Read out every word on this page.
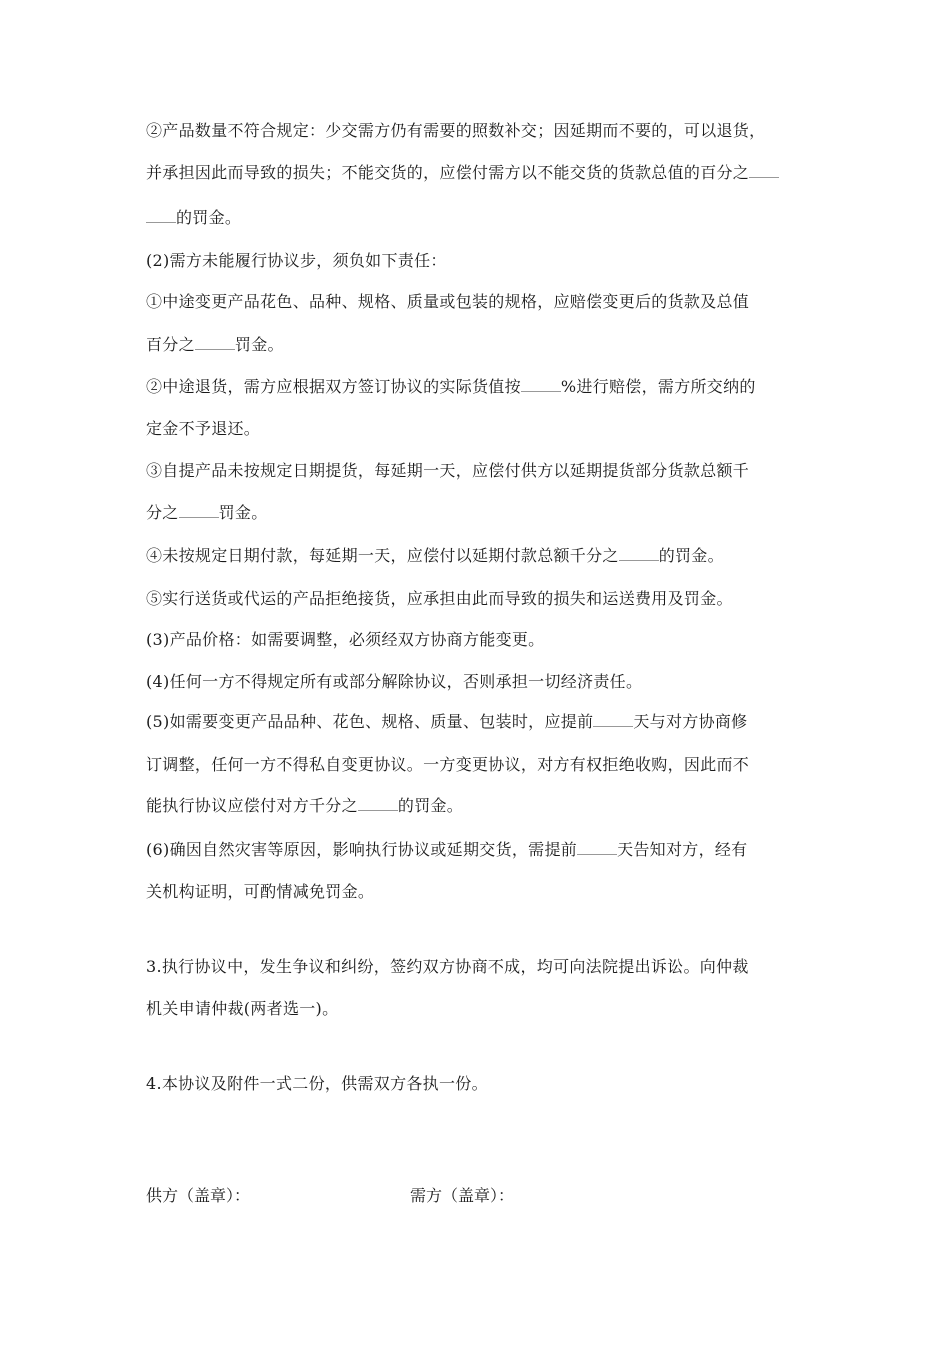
②产品数量不符合规定：少交需方仍有需要的照数补交；因延期而不要的，可以退货，
并承担因此而导致的损失；不能交货的，应偿付需方以不能交货的货款总值的百分之
的罚金。
(2)需方未能履行协议步，须负如下责任：
①中途变更产品花色、品种、规格、质量或包装的规格，应赔偿变更后的货款及总值
百分之	罚金。
②中途退货，需方应根据双方签订协议的实际货值按	%进行赔偿，需方所交纳的
定金不予退还。
③自提产品未按规定日期提货，每延期一天，应偿付供方以延期提货部分货款总额千
分之	罚金。
④未按规定日期付款，每延期一天，应偿付以延期付款总额千分之	的罚金。
⑤实行送货或代运的产品拒绝接货，应承担由此而导致的损失和运送费用及罚金。
(3)产品价格：如需要调整，必须经双方协商方能变更。
(4)任何一方不得规定所有或部分解除协议，否则承担一切经济责任。
(5)如需要变更产品品种、花色、规格、质量、包装时，应提前	天与对方协商修
订调整，任何一方不得私自变更协议。一方变更协议，对方有权拒绝收购，因此而不
能执行协议应偿付对方千分之	的罚金。
(6)确因自然灾害等原因，影响执行协议或延期交货，需提前	天告知对方，经有
关机构证明，可酌情减免罚金。
3.执行协议中，发生争议和纠纷，签约双方协商不成，均可向法院提出诉讼。向仲裁
机关申请仲裁(两者选一)。
4.本协议及附件一式二份，供需双方各执一份。
供方（盖章）：	需方（盖章）：
